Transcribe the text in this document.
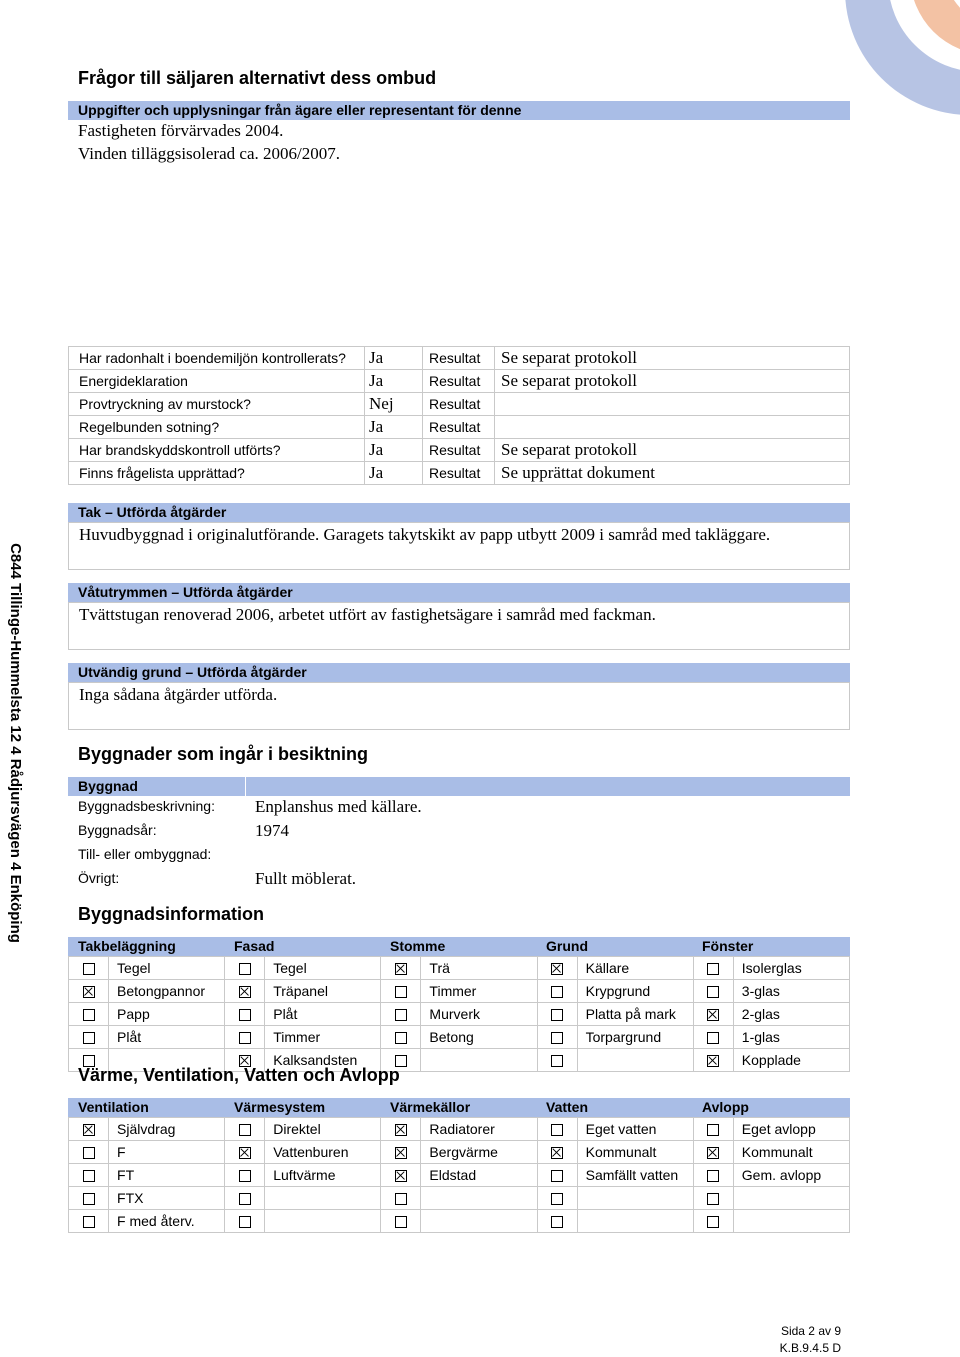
C844 Tillinge-Hummelsta 12 4 Rådjursvägen 4 Enköping
Frågor till säljaren alternativt dess ombud
Uppgifter och upplysningar från ägare eller representant för denne
Fastigheten förvärvades 2004.
Vinden tilläggsisolerad ca. 2006/2007.
Har radonhalt i boendemiljön kontrollerats?	Ja	Resultat	Se separat protokoll
Energideklaration	Ja	Resultat	Se separat protokoll
Provtryckning av murstock?	Nej	Resultat	
Regelbunden sotning?	Ja	Resultat	
Har brandskyddskontroll utförts?	Ja	Resultat	Se separat protokoll
Finns frågelista upprättad?	Ja	Resultat	Se upprättat dokument
Tak – Utförda åtgärder
Huvudbyggnad i originalutförande. Garagets takytskikt av papp utbytt 2009 i samråd med takläggare.
Våtutrymmen – Utförda åtgärder
Tvättstugan renoverad 2006, arbetet utfört av fastighetsägare i samråd med fackman.
Utvändig grund – Utförda åtgärder
Inga sådana åtgärder utförda.
Byggnader som ingår i besiktning
Byggnad
Byggnadsbeskrivning: Enplanshus med källare.
Byggnadsår:	1974
Till- eller ombyggnad:
Övrigt:	Fullt möblerat.
Byggnadsinformation
Takbeläggning	Fasad	Stomme	Grund	Fönster
	Tegel		Tegel		Trä		Källare		Isolerglas
	Betongpannor		Träpanel		Timmer		Krypgrund		3-glas
	Papp		Plåt		Murverk		Platta på mark		2-glas
	Plåt		Timmer		Betong		Torpargrund		1-glas
			Kalksandsten						Kopplade
Värme, Ventilation, Vatten och Avlopp
Ventilation	Värmesystem	Värmekällor	Vatten	Avlopp
	Självdrag		Direktel		Radiatorer		Eget vatten		Eget avlopp
	F		Vattenburen		Bergvärme		Kommunalt		Kommunalt
	FT		Luftvärme		Eldstad		Samfällt vatten		Gem. avlopp
	FTX								
	F med återv.								
Sida 2 av 9
K.B.9.4.5 D
